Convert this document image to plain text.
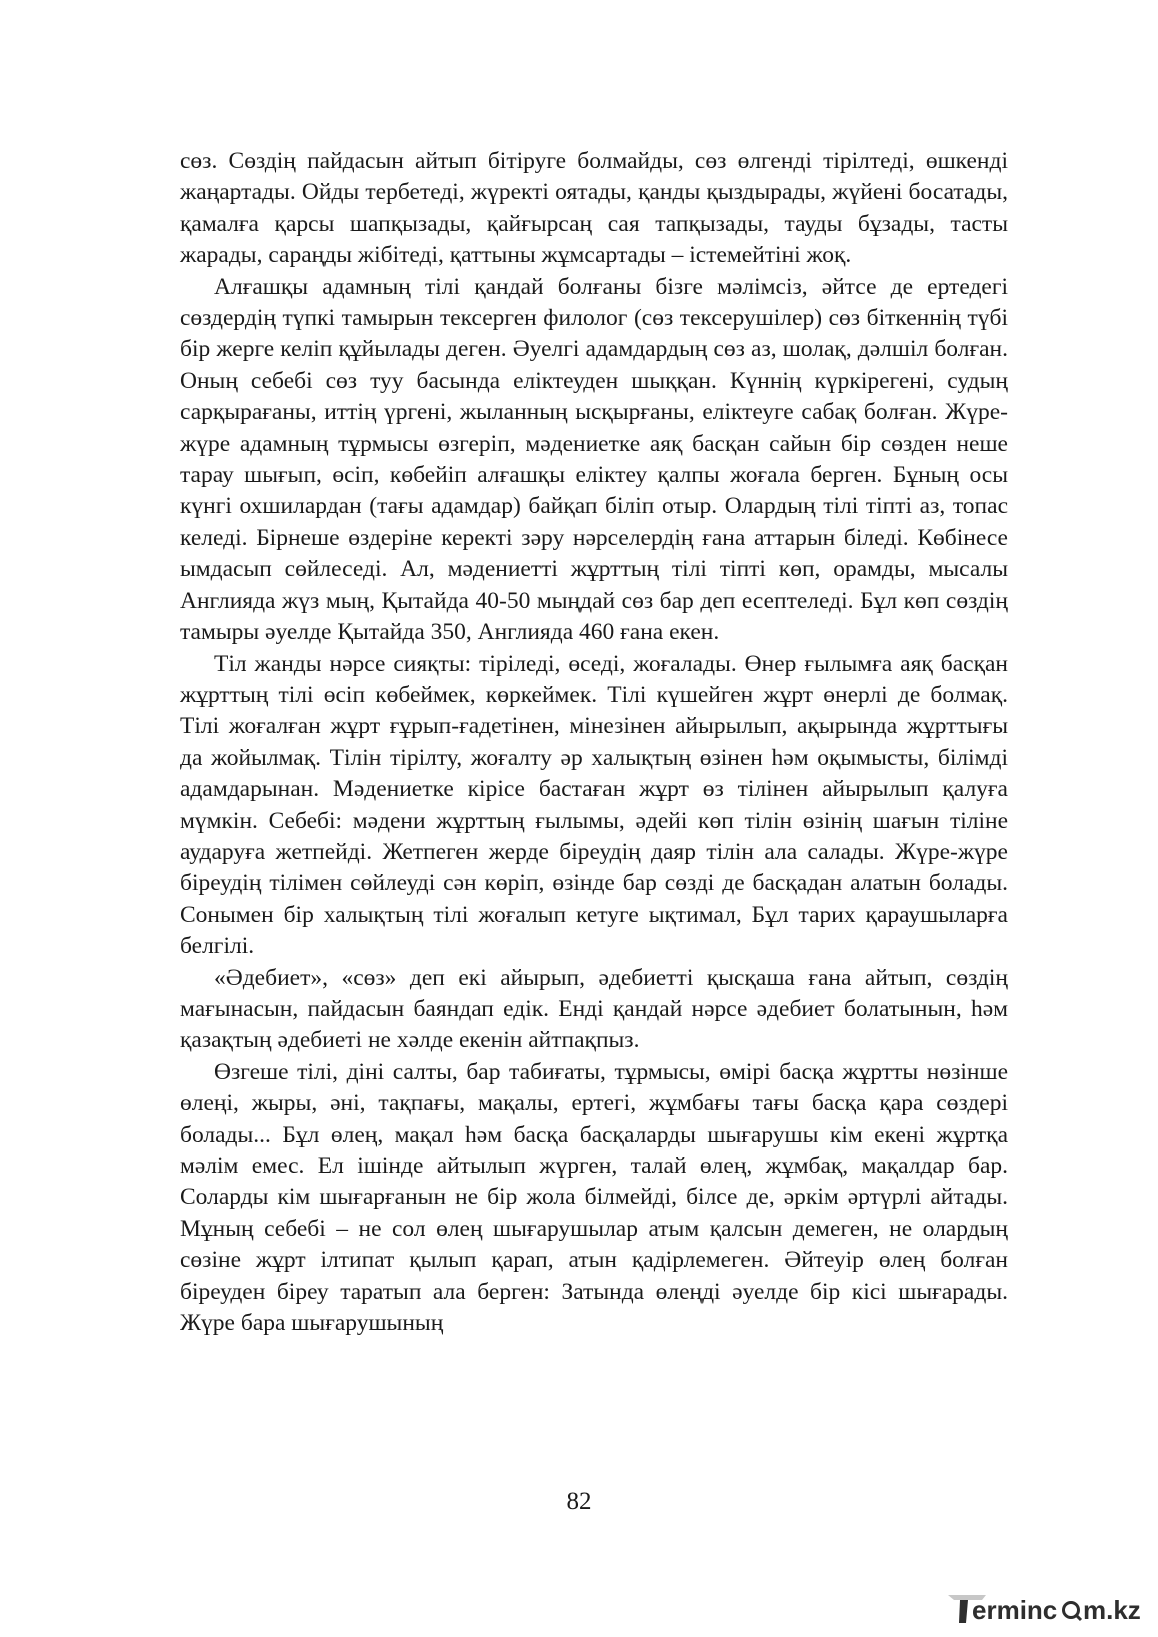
сөз. Сөздің пайдасын айтып бітіруге болмайды, сөз өлгенді тірілтеді, өшкенді жаңартады. Ойды тербетеді, жүректі оятады, қанды қыздырады, жүйені босатады, қамалға қарсы шапқызады, қайғырсаң сая тапқызады, тауды бұзады, тасты жарады, сараңды жібітеді, қаттыны жұмсартады – істемейтіні жоқ.

Алғашқы адамның тілі қандай болғаны бізге мәлімсіз, әйтсе де ертедегі сөздердің түпкі тамырын тексерген филолог (сөз тексерушілер) сөз біткеннің түбі бір жерге келіп құйылады деген. Әуелгі адамдардың сөз аз, шолақ, дәлшіл болған. Оның себебі сөз туу басында еліктеуден шыққан. Күннің күркірегені, судың сарқырағаны, иттің үргені, жыланның ысқырғаны, еліктеуге сабақ болған. Жүре-жүре адамның тұрмысы өзгеріп, мәдениетке аяқ басқан сайын бір сөзден неше тарау шығып, өсіп, көбейіп алғашқы еліктеу қалпы жоғала берген. Бұның осы күнгі охшилардан (тағы адамдар) байқап біліп отыр. Олардың тілі тіпті аз, топас келеді. Бірнеше өздеріне керекті зәру нәрселердің ғана аттарын біледі. Көбінесе ымдасып сөйлеседі. Ал, мәдениетті жұрттың тілі тіпті көп, орамды, мысалы Англияда жүз мың, Қытайда 40-50 мыңдай сөз бар деп есептеледі. Бұл көп сөздің тамыры әуелде Қытайда 350, Англияда 460 ғана екен.

Тіл жанды нәрсе сияқты: тіріледі, өседі, жоғалады. Өнер ғылымға аяқ басқан жұрттың тілі өсіп көбеймек, көркеймек. Тілі күшейген жұрт өнерлі де болмақ. Тілі жоғалған жұрт ғұрып-ғадетінен, мінезінен айырылып, ақырында жұрттығы да жойылмақ. Тілін тірілту, жоғалту әр халықтың өзінен һәм оқымысты, білімді адамдарынан. Мәдениетке кірісе бастаған жұрт өз тілінен айырылып қалуға мүмкін. Себебі: мәдени жұрттың ғылымы, әдейі көп тілін өзінің шағын тіліне аударуға жетпейді. Жетпеген жерде біреудің даяр тілін ала салады. Жүре-жүре біреудің тілімен сөйлеуді сән көріп, өзінде бар сөзді де басқадан алатын болады. Сонымен бір халықтың тілі жоғалып кетуге ықтимал, Бұл тарих қараушыларға белгілі.

«Әдебиет», «сөз» деп екі айырып, әдебиетті қысқаша ғана айтып, сөздің мағынасын, пайдасын баяндап едік. Енді қандай нәрсе әдебиет болатынын, һәм қазақтың әдебиеті не хәлде екенін айтпақпыз.

Өзгеше тілі, діні салты, бар табиғаты, тұрмысы, өмірі басқа жұртты нөзінше өлеңі, жыры, әні, тақпағы, мақалы, ертегі, жұмбағы тағы басқа қара сөздері болады... Бұл өлең, мақал һәм басқа басқаларды шығарушы кім екені жұртқа мәлім емес. Ел ішінде айтылып жүрген, талай өлең, жұмбақ, мақалдар бар. Соларды кім шығарғанын не бір жола білмейді, білсе де, әркім әртүрлі айтады. Мұның себебі – не сол өлең шығарушылар атым қалсын демеген, не олардың сөзіне жұрт ілтипат қылып қарап, атын қадірлемеген. Әйтеуір өлең болған біреуден біреу таратып ала берген: Затында өлеңді әуелде бір кісі шығарады. Жүре бара шығарушының

82
erminc m.kz
